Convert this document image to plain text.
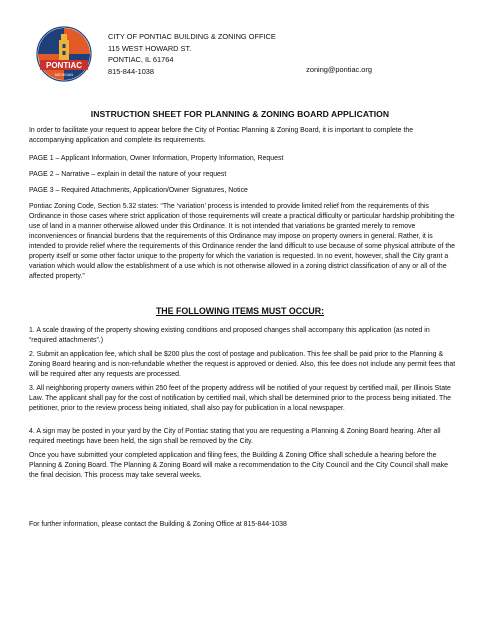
PONTIAC
MICHIGAN
CITY OF PONTIAC BUILDING & ZONING OFFICE
115 WEST HOWARD ST.
PONTIAC, IL 61764
815-844-1038	zoning@pontiac.org
INSTRUCTION SHEET FOR PLANNING & ZONING BOARD APPLICATION

In order to facilitate your request to appear before the City of Pontiac Planning & Zoning Board, it is important to complete the accompanying application and complete its requirements.

PAGE 1 – Applicant Information, Owner Information, Property Information, Request

PAGE 2 – Narrative – explain in detail the nature of your request

PAGE 3 – Required Attachments, Application/Owner Signatures, Notice

Pontiac Zoning Code, Section 5.32 states: “The ‘variation’ process is intended to provide limited relief from the requirements of this Ordinance in those cases where strict application of those requirements will create a practical difficulty or particular hardship prohibiting the use of land in a manner otherwise allowed under this Ordinance. It is not intended that variations be granted merely to remove inconveniences or financial burdens that the requirements of this Ordinance may impose on property owners in general. Rather, it is intended to provide relief where the requirements of this Ordinance render the land difficult to use because of some physical attribute of the property itself or some other factor unique to the property for which the variation is requested. In no event, however, shall the City grant a variation which would allow the establishment of a use which is not otherwise allowed in a zoning district classification of any or all of the affected property.”

THE FOLLOWING ITEMS MUST OCCUR:

1. A scale drawing of the property showing existing conditions and proposed changes shall accompany this application (as noted in “required attachments”.)

2. Submit an application fee, which shall be $200 plus the cost of postage and publication. This fee shall be paid prior to the Planning & Zoning Board hearing and is non-refundable whether the request is approved or denied. Also, this fee does not include any permit fees that will be required after any requests are processed.

3. All neighboring property owners within 250 feet of the property address will be notified of your request by certified mail, per Illinois State Law. The applicant shall pay for the cost of notification by certified mail, which shall be determined prior to the process being initiated. The petitioner, prior to the review process being initiated, shall also pay for publication in a local newspaper.

4. A sign may be posted in your yard by the City of Pontiac stating that you are requesting a Planning & Zoning Board hearing. After all required meetings have been held, the sign shall be removed by the City.

Once you have submitted your completed application and filing fees, the Building & Zoning Office shall schedule a hearing before the Planning & Zoning Board. The Planning & Zoning Board will make a recommendation to the City Council and the City Council shall make the final decision. This process may take several weeks.

For further information, please contact the Building & Zoning Office at 815-844-1038
